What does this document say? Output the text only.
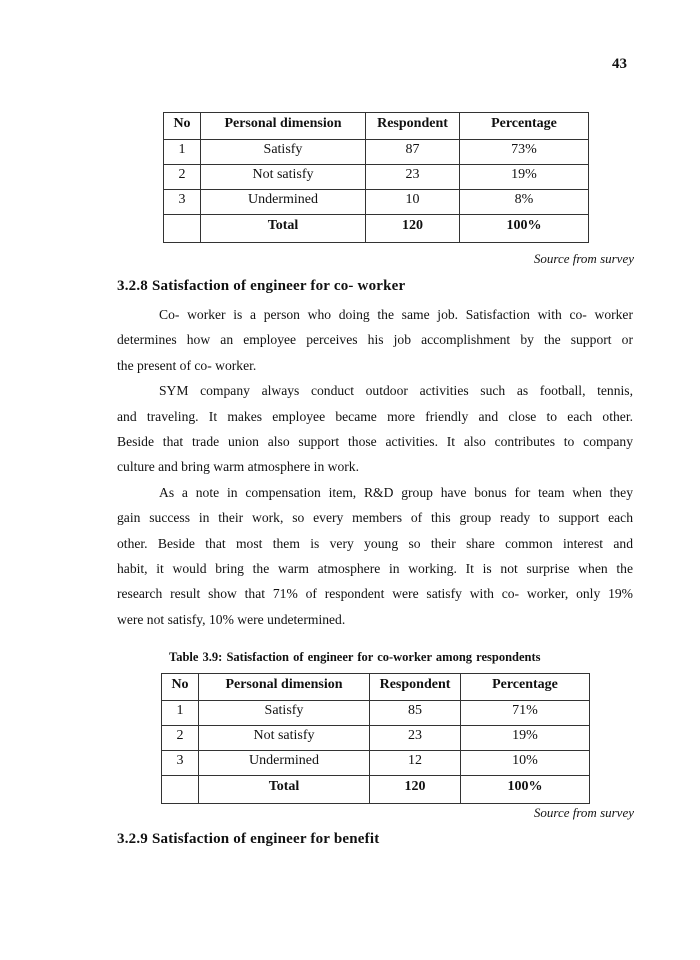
43
No	Personal dimension	Respondent	Percentage
1	Satisfy	87	73%
2	Not satisfy	23	19%
3	Undermined	10	8%
	Total	120	100%
Source from survey
3.2.8 Satisfaction of engineer for co- worker
Co- worker is a person who doing the same job. Satisfaction with co- worker
determines how an employee perceives his job accomplishment by the support or
the present of co- worker.
SYM company always conduct outdoor activities such as football, tennis,
and traveling. It makes employee became more friendly and close to each other.
Beside that trade union also support those activities. It also contributes to company
culture and bring warm atmosphere in work.
As a note in compensation item, R&D group have bonus for team when they
gain success in their work, so every members of this group ready to support each
other. Beside that most them is very young so their share common interest and
habit, it would bring the warm atmosphere in working. It is not surprise when the
research result show that 71% of respondent were satisfy with co- worker, only 19%
were not satisfy, 10% were undetermined.
Table 3.9: Satisfaction of engineer for co-worker among respondents
No	Personal dimension	Respondent	Percentage
1	Satisfy	85	71%
2	Not satisfy	23	19%
3	Undermined	12	10%
	Total	120	100%
Source from survey
3.2.9 Satisfaction of engineer for benefit
